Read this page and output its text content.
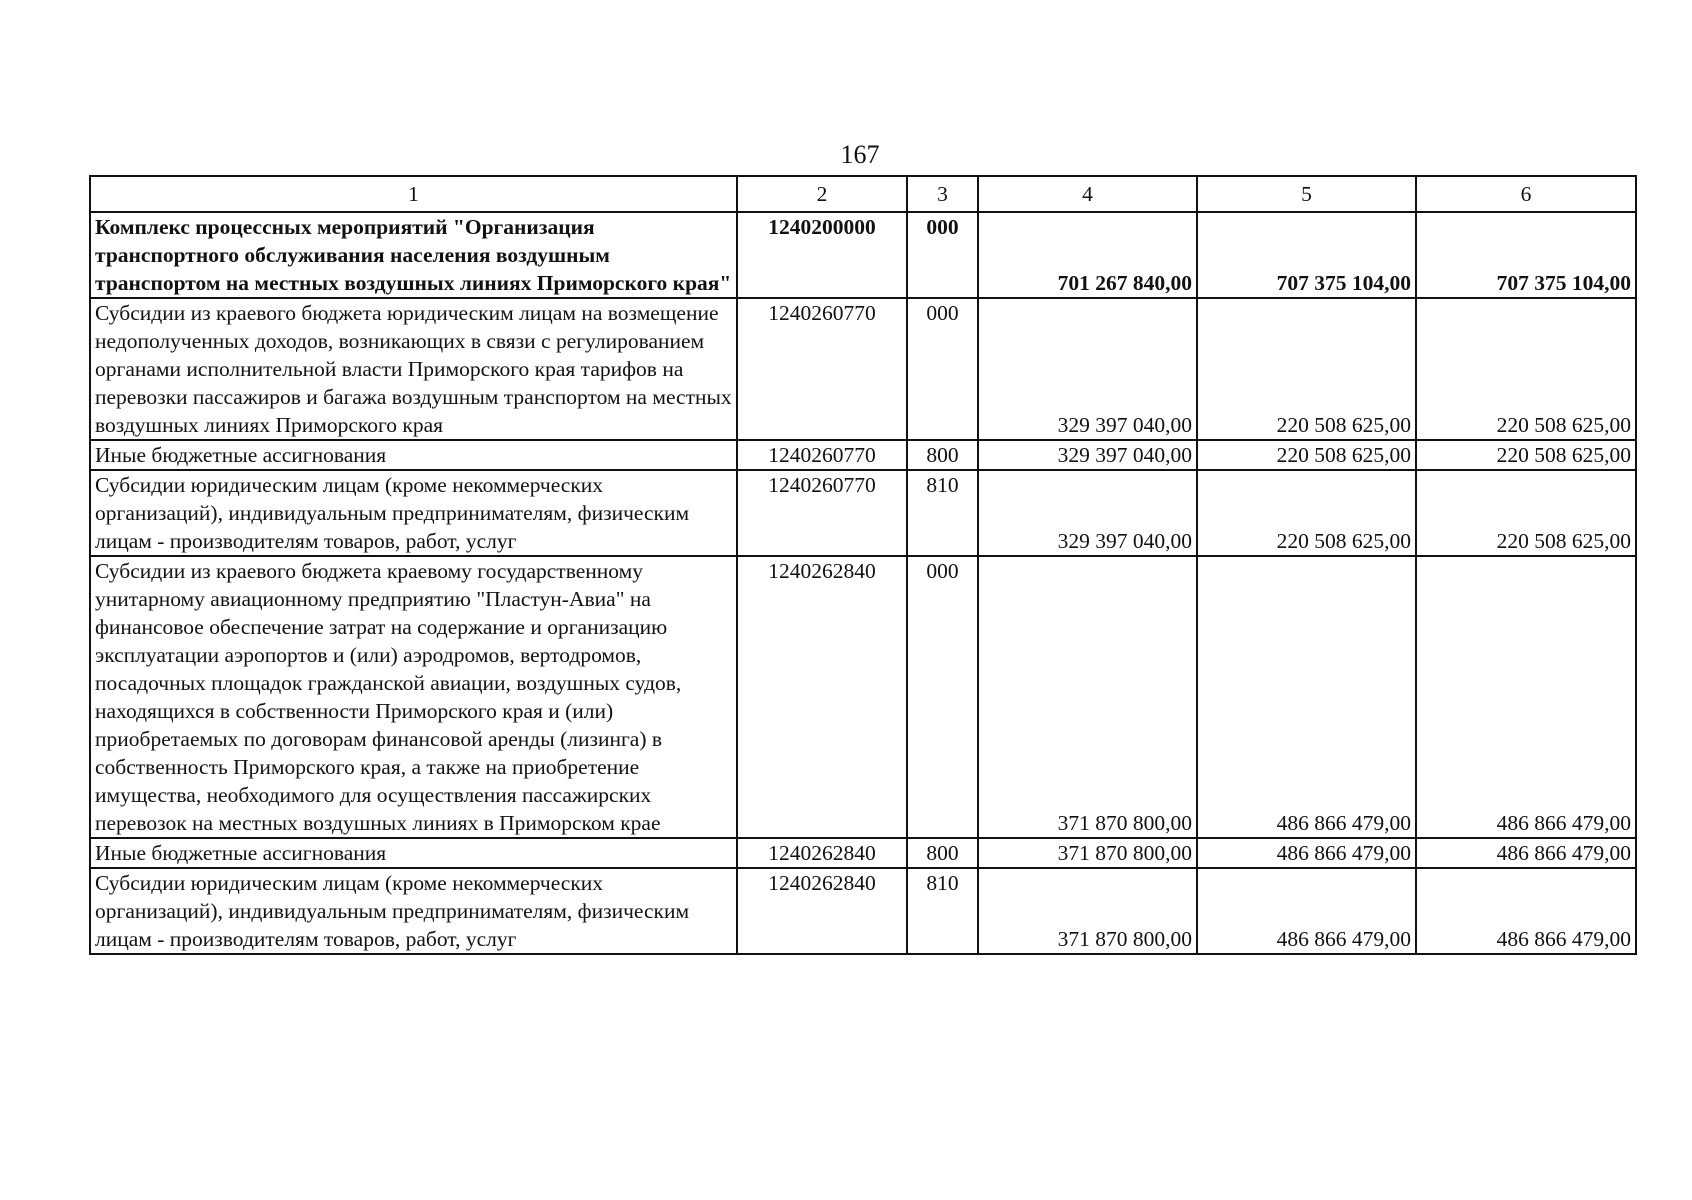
167
1	2	3	4	5	6
Комплекс процессных мероприятий "Организация транспортного обслуживания населения воздушным транспортом на местных воздушных линиях Приморского края"	1240200000	000	701 267 840,00	707 375 104,00	707 375 104,00
Субсидии из краевого бюджета юридическим лицам на возмещение недополученных доходов, возникающих в связи с регулированием органами исполнительной власти Приморского края тарифов на перевозки пассажиров и багажа воздушным транспортом на местных воздушных линиях Приморского края	1240260770	000	329 397 040,00	220 508 625,00	220 508 625,00
Иные бюджетные ассигнования	1240260770	800	329 397 040,00	220 508 625,00	220 508 625,00
Субсидии юридическим лицам (кроме некоммерческих организаций), индивидуальным предпринимателям, физическим лицам - производителям товаров, работ, услуг	1240260770	810	329 397 040,00	220 508 625,00	220 508 625,00
Субсидии из краевого бюджета краевому государственному унитарному авиационному предприятию "Пластун-Авиа" на финансовое обеспечение затрат на содержание и организацию эксплуатации аэропортов и (или) аэродромов, вертодромов, посадочных площадок гражданской авиации, воздушных судов, находящихся в собственности Приморского края и (или) приобретаемых по договорам финансовой аренды (лизинга) в собственность Приморского края, а также на приобретение имущества, необходимого для осуществления пассажирских перевозок на местных воздушных линиях в Приморском крае	1240262840	000	371 870 800,00	486 866 479,00	486 866 479,00
Иные бюджетные ассигнования	1240262840	800	371 870 800,00	486 866 479,00	486 866 479,00
Субсидии юридическим лицам (кроме некоммерческих организаций), индивидуальным предпринимателям, физическим лицам - производителям товаров, работ, услуг	1240262840	810	371 870 800,00	486 866 479,00	486 866 479,00
